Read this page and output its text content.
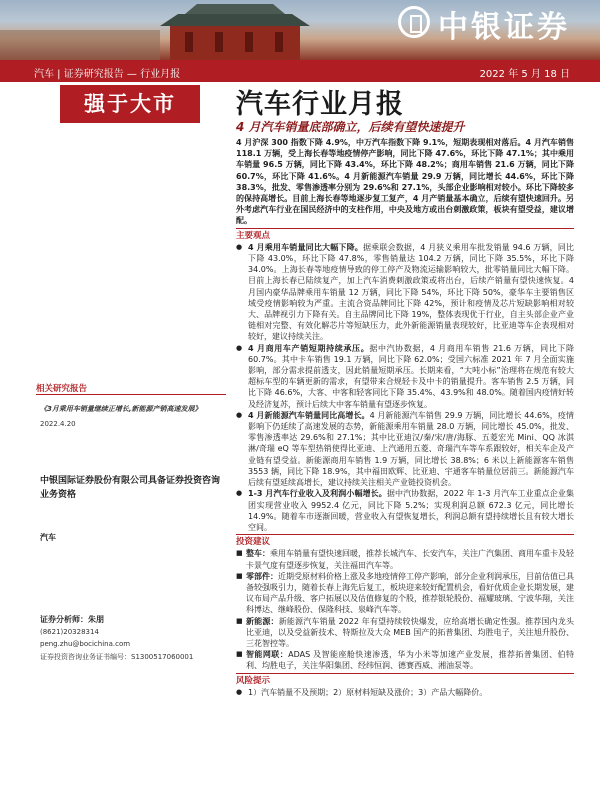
中银证券
汽车 | 证券研究报告 — 行业月报	2022 年 5 月 18 日
强于大市	汽车行业月报
4 月汽车销量底部确立，后续有望快速提升
相关研究报告
《3月乘用车销量继续正增长,新能源产销高速发展》
2022.4.20
中银国际证券股份有限公司具备证券投资咨询业务资格
汽车
证券分析师：朱朋
(8621)20328314
peng.zhu@bocichina.com
证券投资咨询业务证书编号：S1300517060001
4 月沪深 300 指数下降 4.9%，中万汽车指数下降 9.1%，短期表现相对落后。4 月汽车销售 118.1 万辆，受上海长春等地疫情停产影响，同比下降 47.6%，环比下降 47.1%；其中乘用车销量 96.5 万辆，同比下降 43.4%，环比下降 48.2%；商用车销售 21.6 万辆，同比下降 60.7%，环比下降 41.6%。4 月新能源汽车销量 29.9 万辆，同比增长 44.6%，环比下降 38.3%，批发、零售渗透率分别为 29.6%和 27.1%，头部企业影响相对较小。环比下降较多的保持高增长。目前上海长春等地逐步复工复产，4 月产销量基本确立，后续有望快速回升。另外考虑汽车行业在国民经济中的支柱作用，中央及地方或出台刺激政策，板块有望受益，建议增配。
主要观点
● 4 月乘用车销量同比大幅下降。据乘联会数据，4 月狭义乘用车批发销量 94.6 万辆，同比下降 43.0%，环比下降 47.8%，零售销量达 104.2 万辆，同比下降 35.5%，环比下降 34.0%。上海长春等地疫情导致的停工停产及物流运输影响较大，批零销量同比大幅下降。目前上海长春已陆续复产，加上汽车消费刺激政策或将出台，后续产销量有望快速恢复。4 月国内豪华品牌乘用车销量 12 万辆，同比下降 54%，环比下降 50%，豪华车主要销售区域受疫情影响较为严重。主流合资品牌同比下降 42%，预计和疫情及芯片短缺影响相对较大、品牌视引力下降有关。自主品牌同比下降 19%，整体表现优于行业，自主头部企业产业链相对完整、有效化解芯片等短缺压力，此外新能源销量表现较好，比亚迪等车企表现相对较好，建议持续关注。
● 4 月商用车产销短期持续承压。据中汽协数据，4 月商用车销售 21.6 万辆，同比下降 60.7%。其中卡车销售 19.1 万辆，同比下降 62.0%；受国六标准 2021 年 7 月全面实施影响，部分需求提前透支，因此销量短期承压。长期来看，“大吨小标”治理将在规范有较大超标车型的车辆更新的需求，有望带来合规轻卡及中卡的销量提升。客车销售 2.5 万辆，同比下降 46.6%，大客、中客和轻客同比下降 35.4%、43.9%和 48.0%。随着国内疫情好转及经济复苏，预计后续大中客车销量有望逐步恢复。
● 4 月新能源汽车销量同比高增长。4 月新能源汽车销售 29.9 万辆，同比增长 44.6%，疫情影响下仍延续了高速发展的态势，新能源乘用车销量 28.0 万辆，同比增长 45.0%，批发、零售渗透率达 29.6%和 27.1%；其中比亚迪汉/秦/宋/唐/海豚、五菱宏光 Mini、QQ 冰淇淋/奇瑞 eQ 等车型热销使得比亚迪、上汽通用五菱、奇瑞汽车等车系跟较好，相关车企及产业链有望受益。新能源商用车销售 1.9 万辆，同比增长 38.8%；6 米以上新能源客车销售 3553 辆，同比下降 18.9%，其中福田欧辉、比亚迪、宇通客车销量位居前三。新能源汽车后续有望延续高增长，建议持续关注相关产业链投资机会。
● 1-3 月汽车行业收入及利润小幅增长。据中汽协数据，2022 年 1-3 月汽车工业重点企业集团实现营业收入 9952.4 亿元，同比下降 5.2%；实现利润总额 672.3 亿元，同比增长 14.9%。随着车市逐渐回暖，营业收入有望恢复增长，利润总额有望持续增长且有较大增长空间。
投资建议
■ 整车：乘用车销量有望快速回暖，推荐长城汽车、长安汽车，关注广汽集团、商用车重卡及轻卡景气度有望逐步恢复，关注福田汽车等。
■ 零部件：近期受原材料价格上涨及多地疫情停工停产影响，部分企业利润承压，目前估值已具备较强吸引力，随着长春上海先后复工，板块迎来较好配置机会，看好优质企业长期发展，建议布局产品升级、客户拓展以及估值修复的个股，推荐银轮股份、福耀玻璃、宁波华翔，关注科博达、继峰股份、保隆科技、泉峰汽车等。
■ 新能源：新能源汽车销量 2022 年有望持续较快爆发，应给高增长确定性强。推荐国内龙头比亚迪，以及受益新技术、特斯拉及大众 MEB 国产的拓普集团、均胜电子，关注旭升股份、三花智控等。
■ 智能网联：ADAS 及智能座舱快速渗透，华为小米等加速产业发展，推荐拓普集团、伯特利、均胜电子，关注华阳集团、经纬恒润、德赛西威、湘油泵等。
风险提示
● 1）汽车销量不及预期；2）原材料短缺及涨价；3）产品大幅降价。
